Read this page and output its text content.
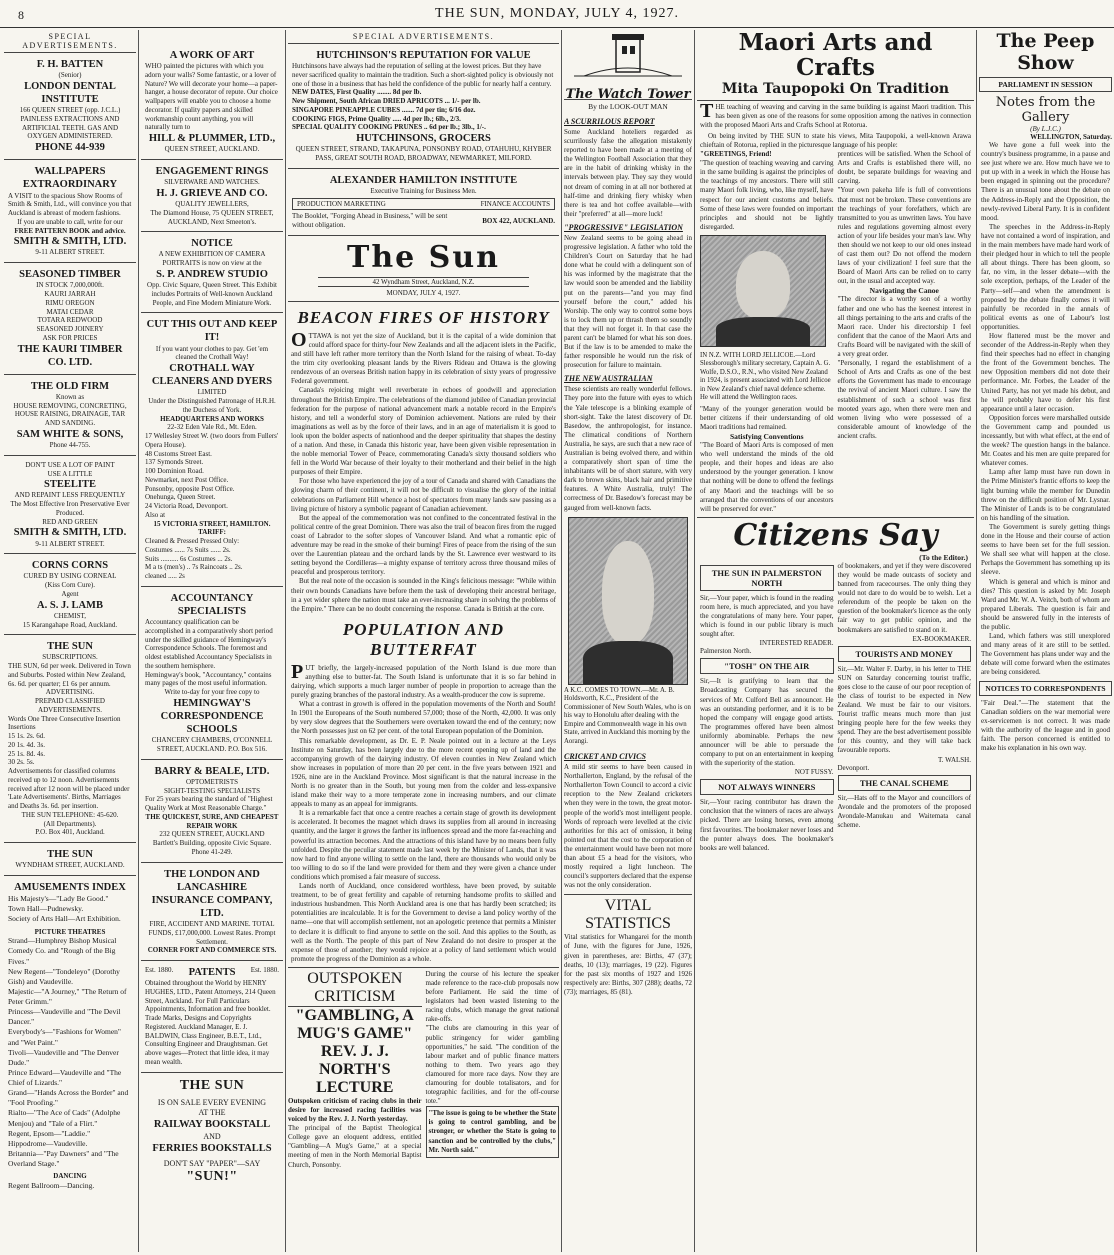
8	THE SUN, MONDAY, JULY 4, 1927.
SPECIAL ADVERTISEMENTS.
F. H. BATTEN
(Senior)
LONDON DENTAL INSTITUTE
166 QUEEN STREET (opp. J.C.L.)
PAINLESS EXTRACTIONS AND ARTIFICIAL TEETH. GAS AND OXYGEN ADMINISTERED.
PHONE 44-939
WALLPAPERS EXTRAORDINARY
A VISIT to the spacious Show Rooms of Smith & Smith, Ltd., will convince you that Auckland is abreast of modern fashions.
If you are unable to call, write for our
FREE PATTERN BOOK and advice.
SMITH & SMITH, LTD.
9-11 ALBERT STREET.
SEASONED TIMBER
IN STOCK 7,000,000ft.
KAURI JARRAH
RIMU OREGON
MATAI CEDAR
TOTARA REDWOOD
SEASONED JOINERY
ASK FOR PRICES
THE KAURI TIMBER CO. LTD.
THE OLD FIRM
Known as
HOUSE REMOVING, CONCRETING, HOUSE RAISING, DRAINAGE, TAR AND SANDING.
SAM WHITE & SONS,
Phone 44-755.
DON'T USE A LOT OF PAINT
USE A LITTLE
STEELITE
AND REPAINT LESS FREQUENTLY
The Most Effective Iron Preservative Ever Produced.
RED AND GREEN
SMITH & SMITH, LTD.
9-11 ALBERT STREET.
CORNS CORNS
CURED BY USING CORNEAL
(Kiss Corn Cure).
Agent
A. S. J. LAMB
CHEMIST,
15 Karangahape Road, Auckland.
THE SUN
SUBSCRIPTIONS.
THE SUN, 6d per week. Delivered in Town and Suburbs. Posted within New Zealand, 6s. 6d. per quarter; £1 6s per annum.
ADVERTISING.
PREPAID CLASSIFIED ADVERTISEMENTS.
Words One Three Consecutive Insertion Insertions
15 1s. 2s. 6d.
20 1s. 4d. 3s.
25 1s. 8d. 4s.
30 2s. 5s.
Advertisements for classified columns received up to 12 noon. Advertisements received after 12 noon will be placed under 'Late Advertisements'. Births, Marriages and Deaths 3s. 6d. per insertion.
THE SUN TELEPHONE: 45-620.
(All Departments).
P.O. Box 401, Auckland.
THE SUN
WYNDHAM STREET, AUCKLAND.
AMUSEMENTS INDEX
His Majesty's—"Lady Be Good."
Town Hall—Pudnewsky.
Society of Arts Hall—Art Exhibition.
PICTURE THEATRES
Strand—Humphrey Bishop Musical Comedy Co. and "Rough of the Big Fives."
New Regent—"Tondeleyo" (Dorothy Gish) and Vaudeville.
Majestic—"A Journey," "The Return of Peter Grimm."
Princess—Vaudeville and "The Devil Dancer."
Everybody's—"Fashions for Women" and "Wet Paint."
Tivoli—Vaudeville and "The Denver Dude."
Prince Edward—Vaudeville and "The Chief of Lizards."
Grand—"Hands Across the Border" and "Fool Proofing."
Rialto—"The Ace of Cads" (Adolphe Menjou) and "Tale of a Flirt."
Regent, Epsom—"Laddie."
Hippodrome—Vaudeville.
Britannia—"Pay Dawners" and "The Overland Stage."
DANCING
Regent Ballroom—Dancing.
A WORK OF ART
WHO painted the pictures with which you adorn your walls? Some fantastic, or a lover of Nature? We will decorate your home—a paper-hanger, a house decorator of repute. Our choice wallpapers will enable you to choose a home decorator. If quality papers and skilled workmanship count anything, you will naturally turn to
HILL & PLUMMER, LTD.,
QUEEN STREET, AUCKLAND.
ENGAGEMENT RINGS
SILVERWARE AND WATCHES.
H. J. GRIEVE AND CO.
QUALITY JEWELLERS,
The Diamond House, 75 QUEEN STREET, AUCKLAND, Next Smeeton's.
NOTICE
A NEW EXHIBITION OF CAMERA PORTRAITS is now on view at the
S. P. ANDREW STUDIO
Opp. Civic Square, Queen Street. This Exhibit includes Portraits of Well-known Auckland People, and Fine Modern Miniature Work.
CUT THIS OUT AND KEEP IT!
If you want your clothes to pay. Get 'em cleaned the Crothall Way!
CROTHALL WAY CLEANERS AND DYERS
LIMITED
Under the Distinguished Patronage of H.R.H. the Duchess of York.
HEADQUARTERS AND WORKS
22-32 Eden Vale Rd., Mt. Eden.
17 Wellesley Street W. (two doors from Fullers' Opera House).
48 Customs Street East.
137 Symonds Street.
100 Dominion Road.
Newmarket, next Post Office.
Ponsonby, opposite Post Office.
Onehunga, Queen Street.
24 Victoria Road, Devonport.
Also at
15 VICTORIA STREET, HAMILTON.
TARIFF:
Cleaned & Pressed Pressed Only:
Costumes ...... 7s Suits ...... 2s.
Suits .......... 6s Costumes ... 2s.
M a ts (men's) .. 7s Raincoats .. 2s.
cleaned ..... 2s
ACCOUNTANCY SPECIALISTS
Accountancy qualification can be accomplished in a comparatively short period under the skilled guidance of Hemingway's Correspondence Schools. The foremost and oldest established Accountancy Specialists in the southern hemisphere.
Hemingway's book, "Accountancy," contains many pages of the most useful information.
Write to-day for your free copy to
HEMINGWAY'S CORRESPONDENCE SCHOOLS
CHANCERY CHAMBERS, O'CONNELL STREET, AUCKLAND. P.O. Box 516.
BARRY & BEALE, LTD.
OPTOMETRISTS
SIGHT-TESTING SPECIALISTS
For 25 years bearing the standard of "Highest Quality Work at Most Reasonable Charge."
THE QUICKEST, SURE, AND CHEAPEST REPAIR WORK
232 QUEEN STREET, AUCKLAND
Bartlett's Building, opposite Civic Square.
Phone 41-249.
THE LONDON AND LANCASHIRE INSURANCE COMPANY, LTD.
FIRE, ACCIDENT AND MARINE. TOTAL FUNDS, £17,000,000. Lowest Rates. Prompt Settlement.
CORNER FORT AND COMMERCE STS.
Est. 1880. PATENTS Est. 1880.
Obtained throughout the World by HENRY HUGHES, LTD., Patent Attorneys, 214 Queen Street, Auckland. For Full Particulars Appointments, Information and free booklet. Trade Marks, Designs and Copyrights Registered. Auckland Manager, E. J. BALDWIN, Class Engineer, B.E.T., Ltd., Consulting Engineer and Draughtsman. Get above wages—Protect that little idea, it may mean wealth.
THE SUN
IS ON SALE EVERY EVENING
AT THE
RAILWAY BOOKSTALL
AND
FERRIES BOOKSTALLS
DON'T SAY "PAPER"—SAY
"SUN!"
SPECIAL ADVERTISEMENTS.
HUTCHINSON'S REPUTATION FOR VALUE
Hutchinsons have always had the reputation of selling at the lowest prices. But they have never sacrificed quality to maintain the tradition. Such a short-sighted policy is obviously not one of those in a business that has held the confidence of the public for nearly half a century.
NEW DATES, First Quality ........ 8d per lb.
New Shipment, South African DRIED APRICOTS ... 1/- per lb.
SINGAPORE PINEAPPLE CUBES ....... 7d per tin; 6/16 doz.
COOKING FIGS, Prime Quality ..... 4d per lb.; 6lb., 2/3.
SPECIAL QUALITY COOKING PRUNES .. 6d per lb.; 3lb., 1/-.
HUTCHINSONS, GROCERS
QUEEN STREET, STRAND, TAKAPUNA, PONSONBY ROAD, OTAHUHU, KHYBER PASS, GREAT SOUTH ROAD, BROADWAY, NEWMARKET, MILFORD.
ALEXANDER HAMILTON INSTITUTE
Executive Training for Business Men.
PRODUCTION MARKETING	FINANCE ACCOUNTS
The Booklet, "Forging Ahead in Business," will be sent without obligation.
BOX 422, AUCKLAND.
The Sun
42 Wyndham Street, Auckland, N.Z.
MONDAY, JULY 4, 1927.
BEACON FIRES OF HISTORY

OTTAWA is not yet the size of Auckland, but it is the capital of a wide dominion that could afford space for thirty-four New Zealands and all the adjacent islets in the Pacific, and still have left rather more territory than the North Island for the raising of wheat. To-day the trim city overlooking pleasant lands by the Rivers Rideau and Ottawa is the glowing rendezvous of an overseas British nation happy in its celebration of sixty years of progressive Federal government.

Canada's rejoicing might well reverberate in echoes of goodwill and appreciation throughout the British Empire. The celebrations of the diamond jubilee of Canadian provincial federation for the purpose of national advancement mark a notable record in the Empire's history, and tell a wonderful story of Dominion achievement. Nations are ruled by their imaginations as well as by the force of their laws, and in an age of materialism it is good to look upon the bolder aspects of nationhood and the deeper spirituality that shapes the destiny of a nation. And these, in Canada this historic year, have been given visible representation in the noble memorial Tower of Peace, commemorating Canada's sixty thousand soldiers who fell in the World War because of their loyalty to their motherland and their belief in the high purposes of their Empire.

For those who have experienced the joy of a tour of Canada and shared with Canadians the glowing charm of their continent, it will not be difficult to visualise the glory of the initial celebrations on Parliament Hill whence a host of spectators from many lands saw passing as a living picture of history a symbolic pageant of Canadian achievement.

But the appeal of the commemoration was not confined to the concentrated festival in the political centre of the great Dominion. There was also the trail of beacon fires from the rugged coast of Labrador to the softer slopes of Vancouver Island. And what a romantic epic of adventure may be read in the smoke of their burning! Fires of peace from the rising of the sun over the Laurentian plateau and the orchard lands by the St. Lawrence ever westward to its setting beyond the Cordilleras—a mighty expanse of territory across three thousand miles of peaceful and prosperous territory.

But the real note of the occasion is sounded in the King's felicitous message: "While within their own bounds Canadians have before them the task of developing their ancestral heritage, in a yet wider sphere the nation must take an ever-increasing share in solving the problems of the Empire." There can be no doubt concerning the response. Canada is British at the core.

POPULATION AND BUTTERFAT

PUT briefly, the largely-increased population of the North Island is due more than anything else to butter-fat. The South Island is unfortunate that it is so far behind in dairying, which supports a much larger number of people in proportion to acreage than the purely grazing branches of the pastoral industry. As a wealth-producer the cow is supreme.

What a contrast in growth is offered in the population movements of the North and South! In 1901 the Europeans of the South numbered 57,000; those of the North, 42,000. It was only by very slow degrees that the Southerners were overtaken toward the end of the century; now the North possesses just on 62 per cent. of the total European population of the Dominion.

This remarkable development, as Dr. E. P. Neale pointed out in a lecture at the Leys Institute on Saturday, has been largely due to the more recent opening up of land and the accompanying growth of the dairying industry. Of eleven counties in New Zealand which show increases in population of more than 20 per cent. in the five years between 1921 and 1926, nine are in the Auckland Province. Most significant is that the natural increase in the North is no greater than in the South, but young men from the colder and less-expansive island make their way to a more temperate zone in increasing numbers, and our climate appeals to many as an appeal for immigrants.

It is a remarkable fact that once a centre reaches a certain stage of growth its development is accelerated. It becomes the magnet which draws its supplies from all around in increasing quantity, and the larger it grows the farther its influences spread and the more far-reaching and powerful its attraction becomes. And the attractions of this island have by no means been fully unfolded. Despite the peculiar statement made last week by the Minister of Lands, that it was now hard to find anyone willing to settle on the land, there are thousands who would only be too willing to do so if the land were provided for them and they were given a chance under conditions which promised a fair measure of success.

Lands north of Auckland, once considered worthless, have been proved, by suitable treatment, to be of great fertility and capable of returning handsome profits to skilled and industrious husbandmen. This North Auckland area is one that has hardly been scratched; its potentialities are incalculable. It is for the Government to devise a land policy worthy of the name—one that will accomplish settlement, not an apologetic pretence that permits a Minister to declare it is difficult to find anyone to settle on the soil. And this applies to the South, as well as the North. The people of this part of New Zealand do not desire to prosper at the expense of those of another; they would rejoice at a policy of land settlement which would promote the progress of the Dominion as a whole.

OUTSPOKEN CRITICISM
"GAMBLING, A MUG'S GAME"
REV. J. J. NORTH'S LECTURE

Outspoken criticism of racing clubs in their desire for increased racing facilities was voiced by the Rev. J. J. North yesterday.

The principal of the Baptist Theological College gave an eloquent address, entitled "Gambling—A Mug's Game," at a special meeting of men in the North Memorial Baptist Church, Ponsonby.

During the course of his lecture the speaker made reference to the race-club proposals now before Parliament. He said the time of legislators had been wasted listening to the racing clubs, which manage the great national rake-offs.

"The clubs are clamouring in this year of public stringency for wider gambling opportunities," he said. "The condition of the labour market and of public finance matters nothing to them. Two years ago they clamoured for more race days. Now they are clamouring for double totalisators, and for totegraphic facilities, and for the off-course tote."

"The issue is going to be whether the State is going to control gambling, and be stronger, or whether the State is going to sanction and be controlled by the clubs," Mr. North said."

The Watch Tower
By the LOOK-OUT MAN
A SCURRILOUS REPORT

Some Auckland hoteliers regarded as scurrilously false the allegation mistakenly reported to have been made at a meeting of the Wellington Football Association that they are in the habit of drinking whisky in the intervals between play. They say they would not dream of coming in at all nor bothered at half-time and drinking fiery whisky when there is tea and hot coffee available—with their "preferred" at all—more luck!

"PROGRESSIVE" LEGISLATION

New Zealand seems to be going ahead in progressive legislation. A father who told the Children's Court on Saturday that he had done what he could with a delinquent son of his was informed by the magistrate that the law would soon be amended and the liability put on the parents—"and you may find yourself before the court," added his Worship. The only way to control some boys is to lock them up or thrash them so soundly that they will not forget it. In that case the parent can't be blamed for what his son does. But if the law is to be amended to make the father responsible he would run the risk of prosecution for failure to maintain.

THE NEW AUSTRALIAN

These scientists are really wonderful fellows. They pore into the future with eyes to which the Yale telescope is a blinking example of short-sight. Take the latest discovery of Dr. Basedow, the anthropologist, for instance. The climatical conditions of Northern Australia, he says, are such that a new race of Australian is being evolved there, and within a comparatively short span of time the inhabitants will be of short stature, with very dark to brown skins, black hair and primitive features. A White Australia, truly! The correctness of Dr. Basedow's forecast may be gauged from well-known facts.

A K.C. COMES TO TOWN.—Mr. A. B. Holdsworth, K.C., President of the Commissioner of New South Wales, who is on his way to Honolulu after dealing with the Empire and Commonwealth wage in his own State, arrived in Auckland this morning by the Aorangi.
CRICKET AND CIVICS

A mild stir seems to have been caused in Northallerton, England, by the refusal of the Northallerton Town Council to accord a civic reception to the New Zealand cricketers when they were in the town, the great motor-people of the world's most intelligent people. Words of reproach were levelled at the civic authorities for this act of omission, it being pointed out that the cost to the corporation of the entertainment would have been not more than about £5 a head for the visitors, who mostly required a light luncheon. The council's supporters declared that the expense was not the only consideration.

VITAL STATISTICS

Vital statistics for Whangarei for the month of June, with the figures for June, 1926, given in parentheses, are: Births, 47 (37); deaths, 10 (13); marriages, 19 (22). Figures for the past six months of 1927 and 1926 respectively are: Births, 307 (288); deaths, 72 (73); marriages, 85 (81).

Maori Arts and Crafts
Mita Taupopoki On Tradition

THE teaching of weaving and carving in the same building is against Maori tradition. This has been given as one of the reasons for some opposition among the natives in connection with the proposed Maori Arts and Crafts School at Rotorua.

On being invited by THE SUN to state his views, Mita Taupopoki, a well-known Arawa chieftain of Rotorua, replied in the picturesque language of his people:

"GREETINGS, Friend!

"The question of teaching weaving and carving in the same building is against the principles of the teachings of my ancestors. There will still many Maori folk living, who, like myself, have respect for our ancient customs and beliefs. Some of these laws were founded on important principles and should not be lightly disregarded.

IN N.Z. WITH LORD JELLICOE.—Lord Slessborough's military secretary, Captain A. G. Wolfe, D.S.O., R.N., who visited New Zealand in 1924, is present associated with Lord Jellicoe in New Zealand's chief naval defence scheme. He will attend the Wellington races.

"Many of the younger generation would be better citizens if their understanding of old Maori traditions had remained.

Satisfying Conventions

"The Board of Maori Arts is composed of men who well understand the minds of the old people, and their hopes and ideas are also understood by the younger generation. I know that nothing will be done to offend the feelings of any Maori and the teachings will be so arranged that the conventions of our ancestors will be preserved for ever."

prentices will be satisfied. When the School of Arts and Crafts is established there will, no doubt, be separate buildings for weaving and carving.
"Your own pakeha life is full of conventions that must not be broken. These conventions are the teachings of your forefathers, which are transmitted to you as unwritten laws. You have rules and regulations governing almost every action of your life besides your man's law. Why then should we not keep to our old ones instead of cast them out? Do not offend the modern laws of your civilization! I feel sure that the Board of Maori Arts can be relied on to carry out, in the usual and accepted way.

Navigating the Canoe

"The director is a worthy son of a worthy father and one who has the keenest interest in all things pertaining to the arts and crafts of the Maori race. Under his directorship I feel confident that the canoe of the Maori Arts and Crafts Board will be navigated with the skill of a very great order.

"Personally, I regard the establishment of a School of Arts and Crafts as one of the best efforts the Government has made to encourage the revival of ancient Maori culture. I saw the establishment of such a school was first mooted years ago, when there were men and women living who were possessed of a considerable amount of knowledge of the ancient crafts.

Citizens Say
(To the Editor.)
THE SUN IN PALMERSTON NORTH

Sir,—Your paper, which is found in the reading room here, is much appreciated, and you have the congratulations of many here. Your paper, which is found in our public library is much sought after.

INTERESTED READER.
Palmerston North.
"TOSH" ON THE AIR

Sir,—It is gratifying to learn that the Broadcasting Company has secured the services of Mr. Culford Bell as announcer. He was an outstanding performer, and it is to be hoped the company will engage good artists. The programmes offered have been almost uniformly abominable. Perhaps the new announcer will be able to persuade the company to put on an entertainment in keeping with the superiority of the station.

NOT FUSSY.
NOT ALWAYS WINNERS

Sir,—Your racing contributor has drawn the conclusion that the winners of races are always picked. There are losing horses, even among first favourites. The bookmaker never loses and the punter always does. The bookmaker's books are well balanced.

of bookmakers, and yet if they were discovered they would be made outcasts of society and banned from racecourses. The only thing they would not dare to do would be to welsh. Let a referendum of the people be taken on the question of the bookmaker's licence as the only fair way to get public opinion, and the bookmakers are satisfied to stand on it.

EX-BOOKMAKER.
TOURISTS AND MONEY

Sir,—Mr. Walter F. Darby, in his letter to THE SUN on Saturday concerning tourist traffic, goes close to the cause of our poor reception of the class of tourist to be expected in New Zealand. We must be fair to our visitors. Tourist traffic means much more than just bringing people here for the few weeks they spend. They are the best advertisement possible for this country, and they will take back favourable reports.

T. WALSH.
Devonport.
THE CANAL SCHEME

Sir,—Hats off to the Mayor and councillors of Avondale and the promoters of the proposed Avondale-Manukau and Waitemata canal scheme.

The Peep Show
PARLIAMENT IN SESSION
Notes from the Gallery
(By L.J.C.)
WELLINGTON, Saturday.

We have gone a full week into the country's business programme, in a pause and see just where we are. How much have we to put up with in a week in which the House has been engaged in spinning out the procedure? There is an unusual tone about the debate on the Address-in-Reply and the Opposition, the newly-revived Liberal Party. It is in confident mood.

The speeches in the Address-in-Reply have not contained a word of inspiration, and in the main members have made hard work of their pledged hour in which to tell the people all about things. There has been gloom, so far, no vim, in the lesser debate—with the sole exception, perhaps, of the Leader of the Party—self—and when the amendment is proposed by the debate finally comes it will painfully be recorded in the annals of political events as one of Labour's lost opportunities.

How flattered must be the mover and seconder of the Address-in-Reply when they find their speeches had no effect in changing the front of the Government benches. The new Opposition members did not dote their performance. Mr. Forbes, the Leader of the United Party, has not yet made his debut, and he will probably have to defer his first appearance until a later occasion.

Opposition forces were marshalled outside the Government camp and pounded us incessantly, but with what effect, at the end of the week? The question hangs in the balance. Mr. Coates and his men are quite prepared for whatever comes.

Lamp after lamp must have run down in the Prime Minister's frantic efforts to keep the light burning while the member for Dunedin threw on the difficult position of Mr. Lysnar. The Minister of Lands is to be congratulated on his handling of the situation.

The Government is surely getting things done in the House and their course of action seems to have been set for the full session. We shall see what will happen at the close. Perhaps the Government has something up its sleeve.

Which is general and which is minor and dies? This question is asked by Mr. Joseph Ward and Mr. W. A. Veitch, both of whom are prepared Liberals. The question is fair and should be answered fully in the interests of the public.

Land, which fathers was still unexplored and many areas of it are still to be settled. The Government has plans under way and the debate will come forward when the estimates are being considered.

NOTICES TO CORRESPONDENTS

"Fair Deal."—The statement that the Canadian soldiers on the war memorial were ex-servicemen is not correct. It was made with the authority of the league and in good faith. The person concerned is entitled to make his explanation in his own way.
